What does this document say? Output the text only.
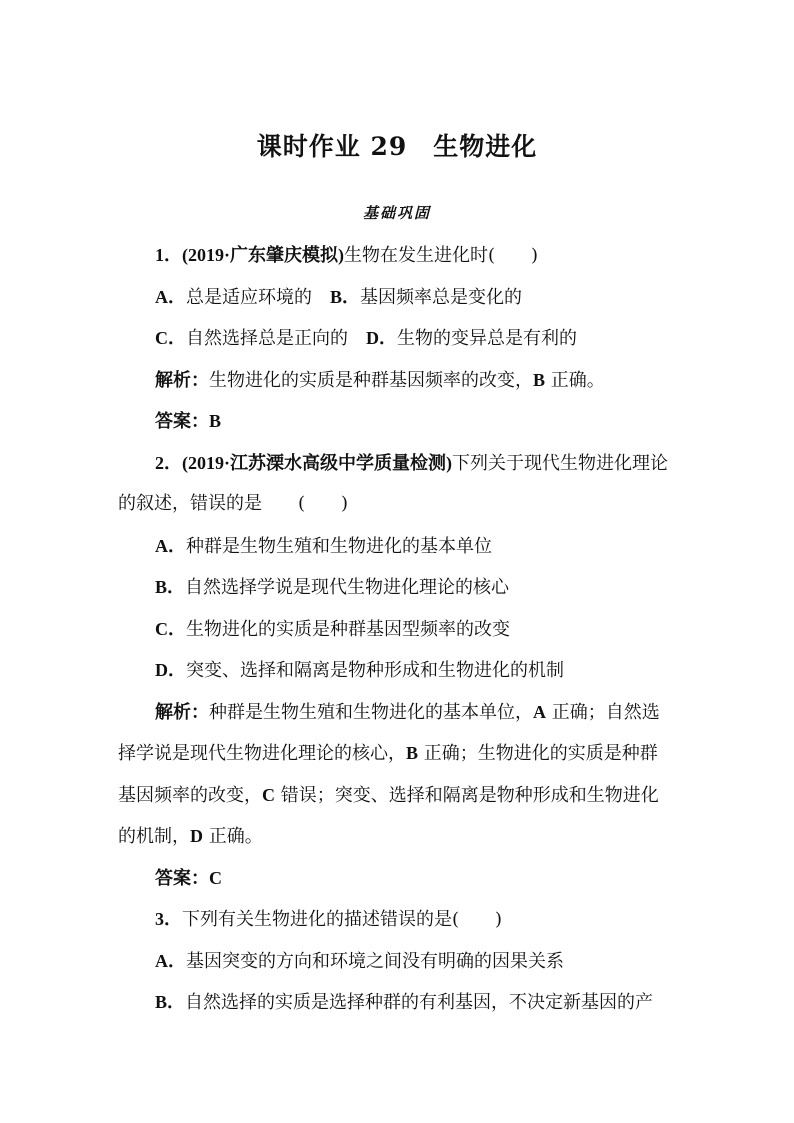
课时作业 29　生物进化
基础巩固
1．(2019·广东肇庆模拟)生物在发生进化时(　　)
A．总是适应环境的　B．基因频率总是变化的
C．自然选择总是正向的　D．生物的变异总是有利的
解析：生物进化的实质是种群基因频率的改变，B 正确。
答案：B
2．(2019·江苏溧水高级中学质量检测)下列关于现代生物进化理论
的叙述，错误的是　　(　　)
A．种群是生物生殖和生物进化的基本单位
B．自然选择学说是现代生物进化理论的核心
C．生物进化的实质是种群基因型频率的改变
D．突变、选择和隔离是物种形成和生物进化的机制
解析：种群是生物生殖和生物进化的基本单位，A 正确；自然选
择学说是现代生物进化理论的核心，B 正确；生物进化的实质是种群
基因频率的改变，C 错误；突变、选择和隔离是物种形成和生物进化
的机制，D 正确。
答案：C
3．下列有关生物进化的描述错误的是(　　)
A．基因突变的方向和环境之间没有明确的因果关系
B．自然选择的实质是选择种群的有利基因，不决定新基因的产
